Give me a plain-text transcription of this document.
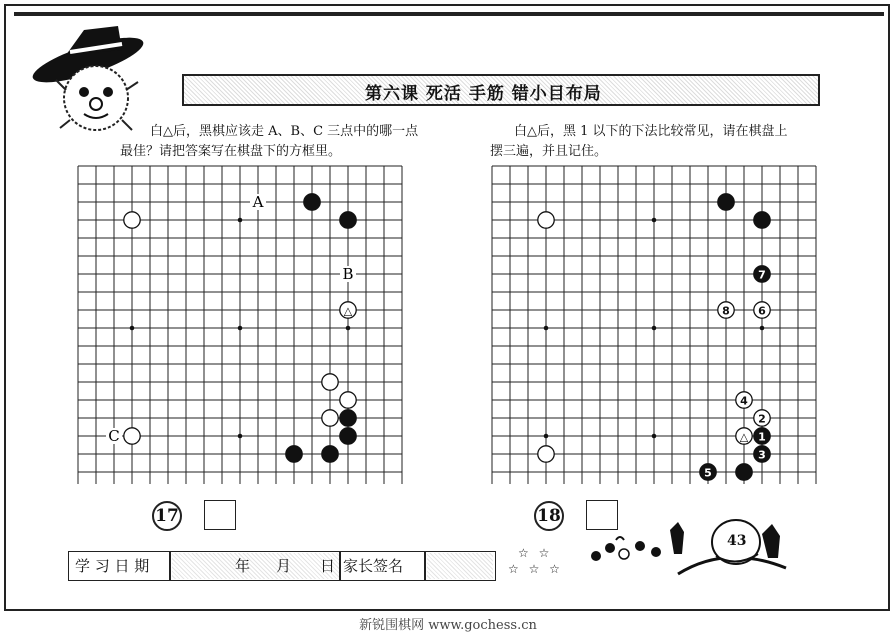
第六课 死活 手筋 错小目布局
白△后，黑棋应该走 A、B、C 三点中的哪一点
最佳？请把答案写在棋盘下的方框里。
白△后，黑 1 以下的下法比较常见，请在棋盘上
摆三遍，并且记住。
A
B
C
△
7
8	6
4
2
△ 1
3
5
17	18
学 习 日 期	年 月 日 家长签名
☆ ☆
☆ ☆ ☆
43
新锐围棋网 www.gochess.cn
